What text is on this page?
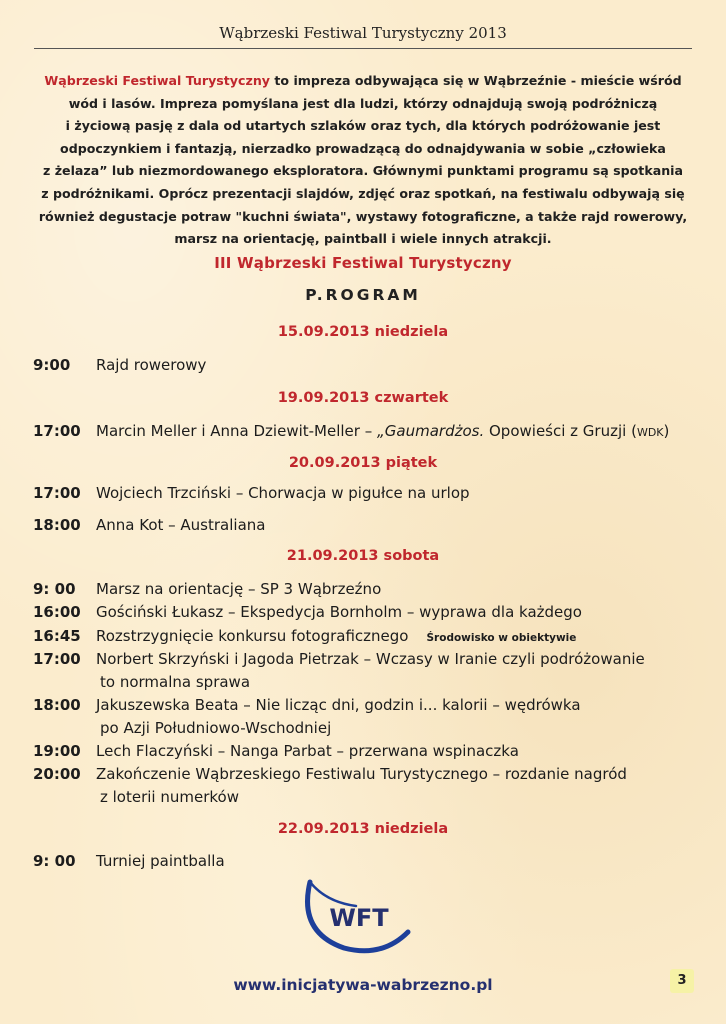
Wąbrzeski Festiwal Turystyczny 2013
Wąbrzeski Festiwal Turystyczny to impreza odbywająca się w Wąbrzeźnie - mieście wśród
wód i lasów. Impreza pomyślana jest dla ludzi, którzy odnajdują swoją podróżniczą
i życiową pasję z dala od utartych szlaków oraz tych, dla których podróżowanie jest
odpoczynkiem i fantazją, nierzadko prowadzącą do odnajdywania w sobie „człowieka
z żelaza” lub niezmordowanego eksploratora. Głównymi punktami programu są spotkania
z podróżnikami. Oprócz prezentacji slajdów, zdjęć oraz spotkań, na festiwalu odbywają się
również degustacje potraw "kuchni świata", wystawy fotograficzne, a także rajd rowerowy,
marsz na orientację, paintball i wiele innych atrakcji.
III Wąbrzeski Festiwal Turystyczny
P.ROGRAM
15.09.2013 niedziela
9:00 Rajd rowerowy
19.09.2013 czwartek
17:00 Marcin Meller i Anna Dziewit-Meller – „Gaumardżos. Opowieści z Gruzji (WDK)
20.09.2013 piątek
17:00 Wojciech Trzciński – Chorwacja w pigułce na urlop
18:00 Anna Kot – Australiana
21.09.2013 sobota
9: 00 Marsz na orientację – SP 3 Wąbrzeźno
16:00 Gościński Łukasz – Ekspedycja Bornholm – wyprawa dla każdego
16:45 Rozstrzygnięcie konkursu fotograficznego Środowisko w obiektywie
17:00 Norbert Skrzyński i Jagoda Pietrzak – Wczasy w Iranie czyli podróżowanie
to normalna sprawa
18:00 Jakuszewska Beata – Nie licząc dni, godzin i... kalorii – wędrówka
po Azji Południowo-Wschodniej
19:00 Lech Flaczyński – Nanga Parbat – przerwana wspinaczka
20:00 Zakończenie Wąbrzeskiego Festiwalu Turystycznego – rozdanie nagród
z loterii numerków
22.09.2013 niedziela
9: 00 Turniej paintballa
WFT
www.inicjatywa-wabrzezno.pl	3
